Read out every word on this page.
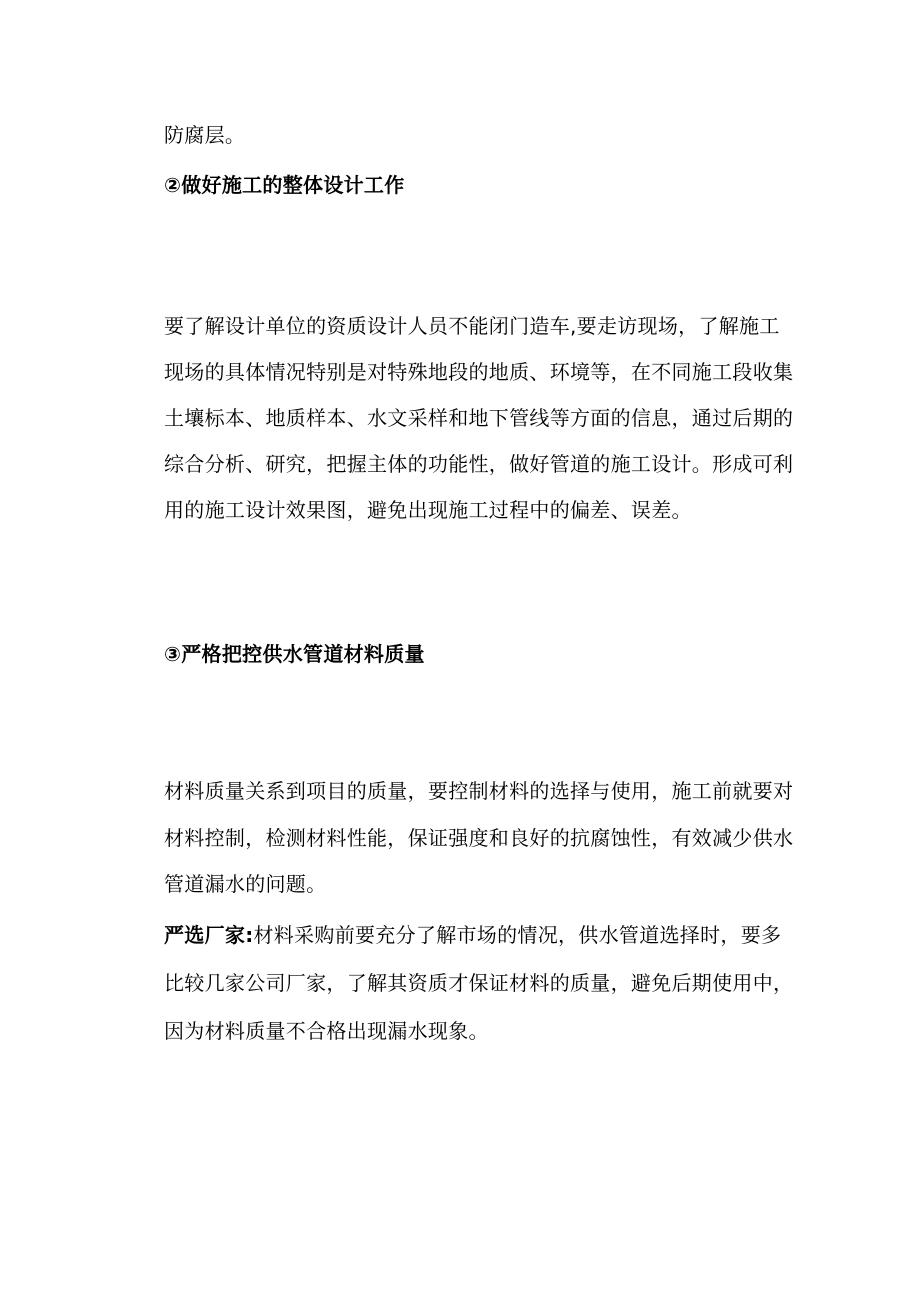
防腐层。
②做好施工的整体设计工作
要了解设计单位的资质设计人员不能闭门造车,要走访现场，了解施工
现场的具体情况特别是对特殊地段的地质、环境等，在不同施工段收集
土壤标本、地质样本、水文采样和地下管线等方面的信息，通过后期的
综合分析、研究，把握主体的功能性，做好管道的施工设计。形成可利
用的施工设计效果图，避免出现施工过程中的偏差、误差。
③严格把控供水管道材料质量
材料质量关系到项目的质量，要控制材料的选择与使用，施工前就要对
材料控制，检测材料性能，保证强度和良好的抗腐蚀性，有效减少供水
管道漏水的问题。
严选厂家:材料采购前要充分了解市场的情况，供水管道选择时，要多
比较几家公司厂家，了解其资质才保证材料的质量，避免后期使用中，
因为材料质量不合格出现漏水现象。
